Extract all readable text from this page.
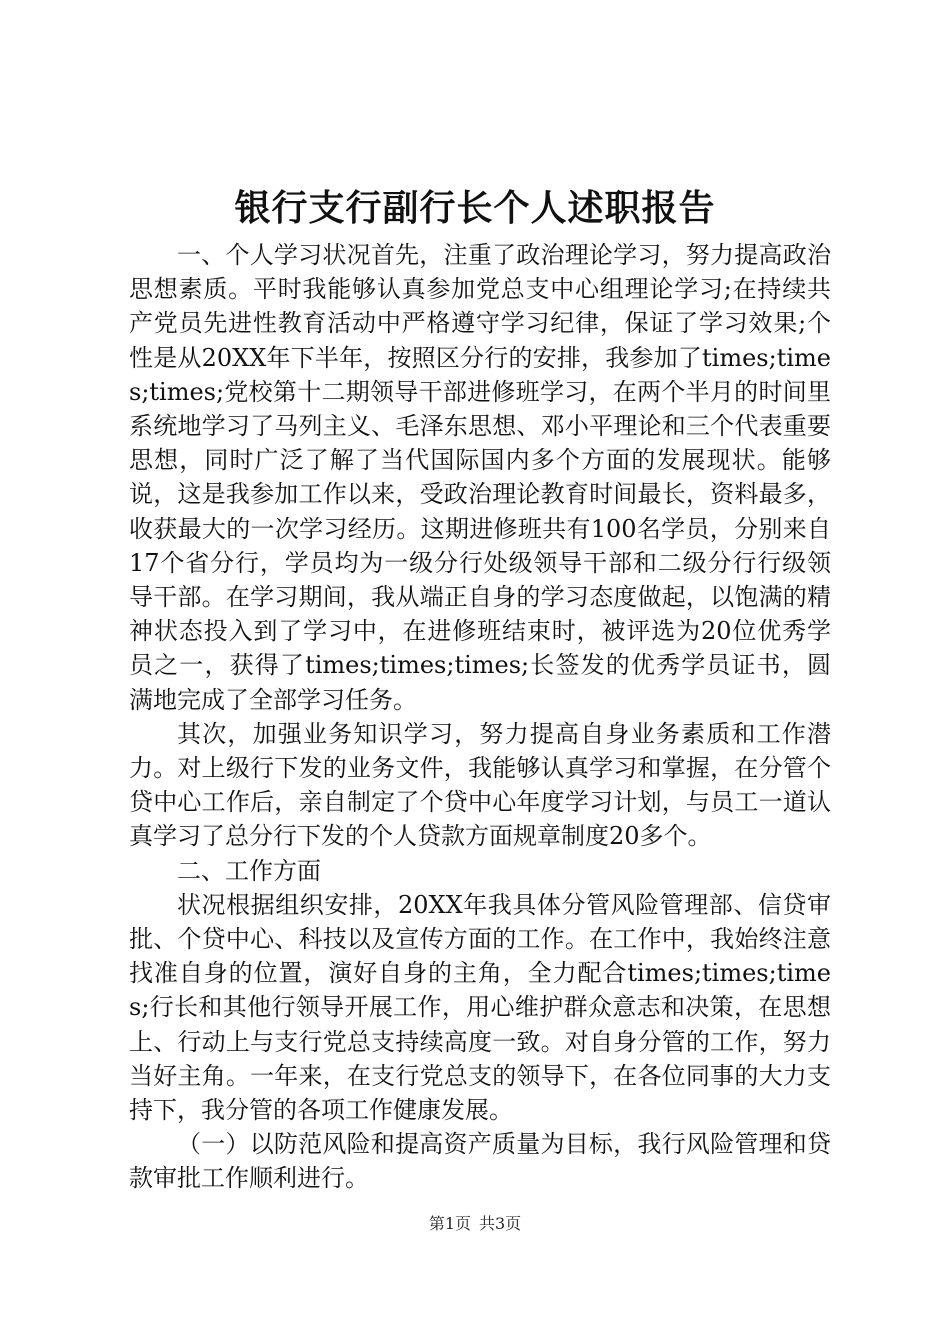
银行支行副行长个人述职报告

一、个人学习状况首先，注重了政治理论学习，努力提高政治思想素质。平时我能够认真参加党总支中心组理论学习;在持续共产党员先进性教育活动中严格遵守学习纪律，保证了学习效果;个性是从20XX年下半年，按照区分行的安排，我参加了times;times;times;党校第十二期领导干部进修班学习，在两个半月的时间里系统地学习了马列主义、毛泽东思想、邓小平理论和三个代表重要思想，同时广泛了解了当代国际国内多个方面的发展现状。能够说，这是我参加工作以来，受政治理论教育时间最长，资料最多，收获最大的一次学习经历。这期进修班共有100名学员，分别来自17个省分行，学员均为一级分行处级领导干部和二级分行行级领导干部。在学习期间，我从端正自身的学习态度做起，以饱满的精神状态投入到了学习中，在进修班结束时，被评选为20位优秀学员之一，获得了times;times;times;长签发的优秀学员证书，圆满地完成了全部学习任务。

其次，加强业务知识学习，努力提高自身业务素质和工作潜力。对上级行下发的业务文件，我能够认真学习和掌握，在分管个贷中心工作后，亲自制定了个贷中心年度学习计划，与员工一道认真学习了总分行下发的个人贷款方面规章制度20多个。

二、工作方面

状况根据组织安排，20XX年我具体分管风险管理部、信贷审批、个贷中心、科技以及宣传方面的工作。在工作中，我始终注意找准自身的位置，演好自身的主角，全力配合times;times;times;行长和其他行领导开展工作，用心维护群众意志和决策，在思想上、行动上与支行党总支持续高度一致。对自身分管的工作，努力当好主角。一年来，在支行党总支的领导下，在各位同事的大力支持下，我分管的各项工作健康发展。

（一）以防范风险和提高资产质量为目标，我行风险管理和贷款审批工作顺利进行。

第1页 共3页
